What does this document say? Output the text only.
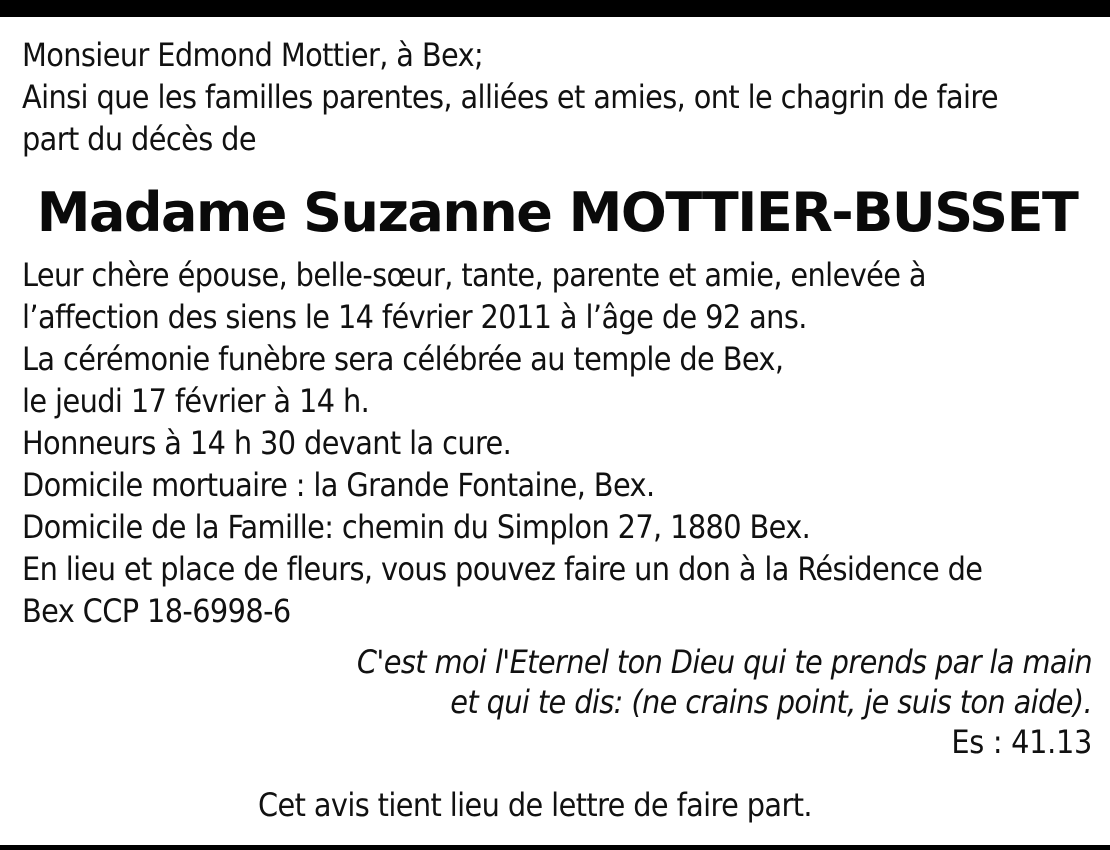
Monsieur Edmond Mottier, à Bex;

Ainsi que les familles parentes, alliées et amies, ont le chagrin de faire

part du décès de

Madame Suzanne MOTTIER-BUSSET

Leur chère épouse, belle-sœur, tante, parente et amie, enlevée à

l’affection des siens le 14 février 2011 à l’âge de 92 ans.

La cérémonie funèbre sera célébrée au temple de Bex,

le jeudi 17 février à 14 h.

Honneurs à 14 h 30 devant la cure.

Domicile mortuaire : la Grande Fontaine, Bex.

Domicile de la Famille: chemin du Simplon 27, 1880 Bex.

En lieu et place de fleurs, vous pouvez faire un don à la Résidence de

Bex CCP 18-6998-6

C'est moi l'Eternel ton Dieu qui te prends par la main

et qui te dis: (ne crains point, je suis ton aide).

Es : 41.13

Cet avis tient lieu de lettre de faire part.
